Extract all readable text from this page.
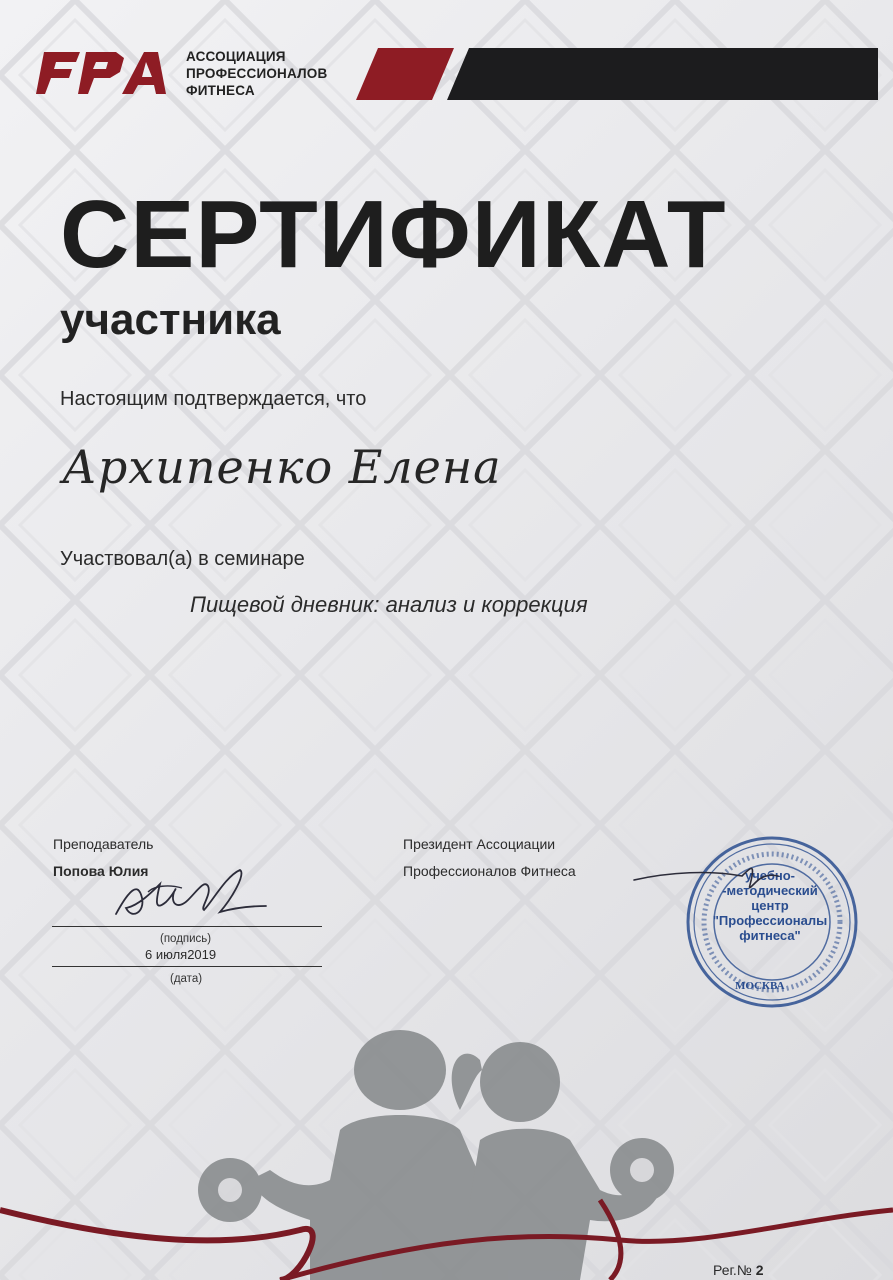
АССОЦИАЦИЯ
ПРОФЕССИОНАЛОВ
ФИТНЕСА
СЕРТИФИКАТ
участника
Настоящим подтверждается, что
Архипенко Елена
Участвовал(а) в семинаре
Пищевой дневник: анализ и коррекция
Преподаватель
Попова Юлия
(подпись)
6 июля2019
(дата)
Президент Ассоциации
Профессионалов Фитнеса	учебно-
-методический
центр
"Профессионалы
фитнеса"
МОСКВА
Рег.№ 2
